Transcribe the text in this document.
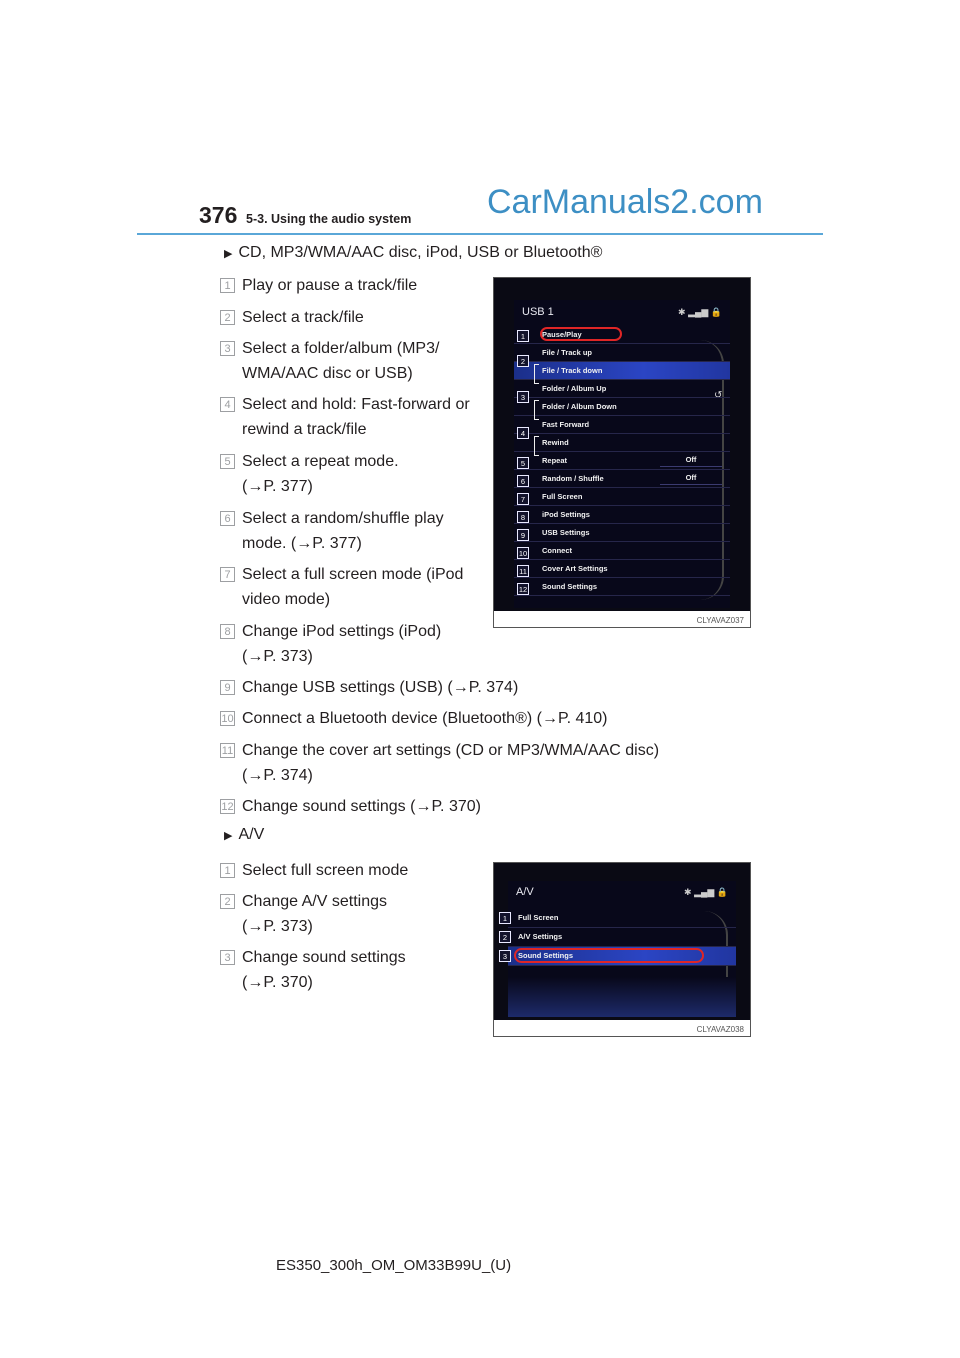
376 5-3. Using the audio system CarManuals2.com
▶ CD, MP3/WMA/AAC disc, iPod, USB or Bluetooth®
1 Play or pause a track/file
2 Select a track/file
3 Select a folder/album (MP3/
WMA/AAC disc or USB)
4 Select and hold: Fast-forward or
rewind a track/file
5 Select a repeat mode.
(→P. 377)
6 Select a random/shuffle play
mode. (→P. 377)
7 Select a full screen mode (iPod
video mode)
8 Change iPod settings (iPod)
(→P. 373)
9 Change USB settings (USB) (→P. 374)
10 Connect a Bluetooth device (Bluetooth®) (→P. 410)
11 Change the cover art settings (CD or MP3/WMA/AAC disc)
(→P. 374)
12 Change sound settings (→P. 370)
USB 1	✱ ▂▄▆ 🔒
↺
Pause/Play
File / Track up
File / Track down
Folder / Album Up
Folder / Album Down
Fast Forward
Rewind
Repeat	Off
Random / Shuffle	Off
Full Screen
iPod Settings
USB Settings
Connect
Cover Art Settings
Sound Settings
1
2
3
4
5
6
7
8
9
10
11
12
CLYAVAZ037
▶ A/V
1 Select full screen mode
2 Change A/V settings
(→P. 373)
3 Change sound settings
(→P. 370)
A/V	✱ ▂▄▆ 🔒
Full Screen
A/V Settings
Sound Settings
1
2
3
CLYAVAZ038
ES350_300h_OM_OM33B99U_(U)
